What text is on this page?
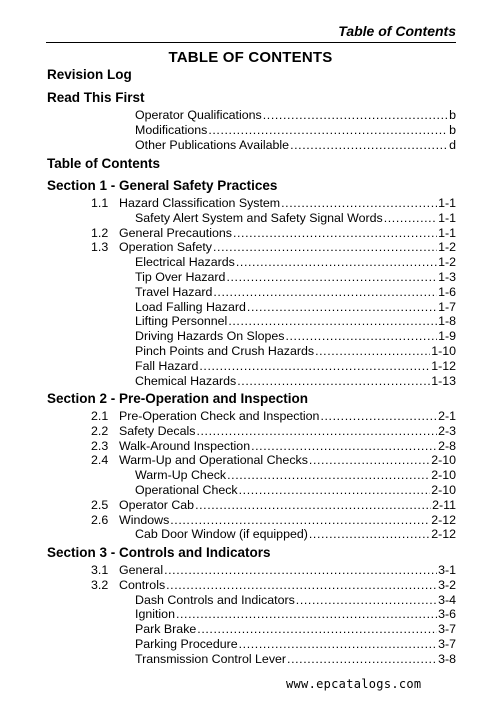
Table of Contents
TABLE OF CONTENTS
Revision Log
Read This First
Operator Qualifications .....	b
Modifications .....	b
Other Publications Available .....	d
Table of Contents
Section 1 - General Safety Practices
1.1 Hazard Classification System .....	1-1
Safety Alert System and Safety Signal Words .....	1-1
1.2 General Precautions .....	1-1
1.3 Operation Safety .....	1-2
Electrical Hazards .....	1-2
Tip Over Hazard .....	1-3
Travel Hazard .....	1-6
Load Falling Hazard .....	1-7
Lifting Personnel .....	1-8
Driving Hazards On Slopes .....	1-9
Pinch Points and Crush Hazards .....	1-10
Fall Hazard .....	1-12
Chemical Hazards .....	1-13
Section 2 - Pre-Operation and Inspection
2.1 Pre-Operation Check and Inspection .....	2-1
2.2 Safety Decals .....	2-3
2.3 Walk-Around Inspection .....	2-8
2.4 Warm-Up and Operational Checks .....	2-10
Warm-Up Check .....	2-10
Operational Check .....	2-10
2.5 Operator Cab .....	2-11
2.6 Windows .....	2-12
Cab Door Window (if equipped) .....	2-12
Section 3 - Controls and Indicators
3.1 General .....	3-1
3.2 Controls .....	3-2
Dash Controls and Indicators .....	3-4
Ignition .....	3-6
Park Brake .....	3-7
Parking Procedure .....	3-7
Transmission Control Lever .....	3-8
www.epcatalogs.com
